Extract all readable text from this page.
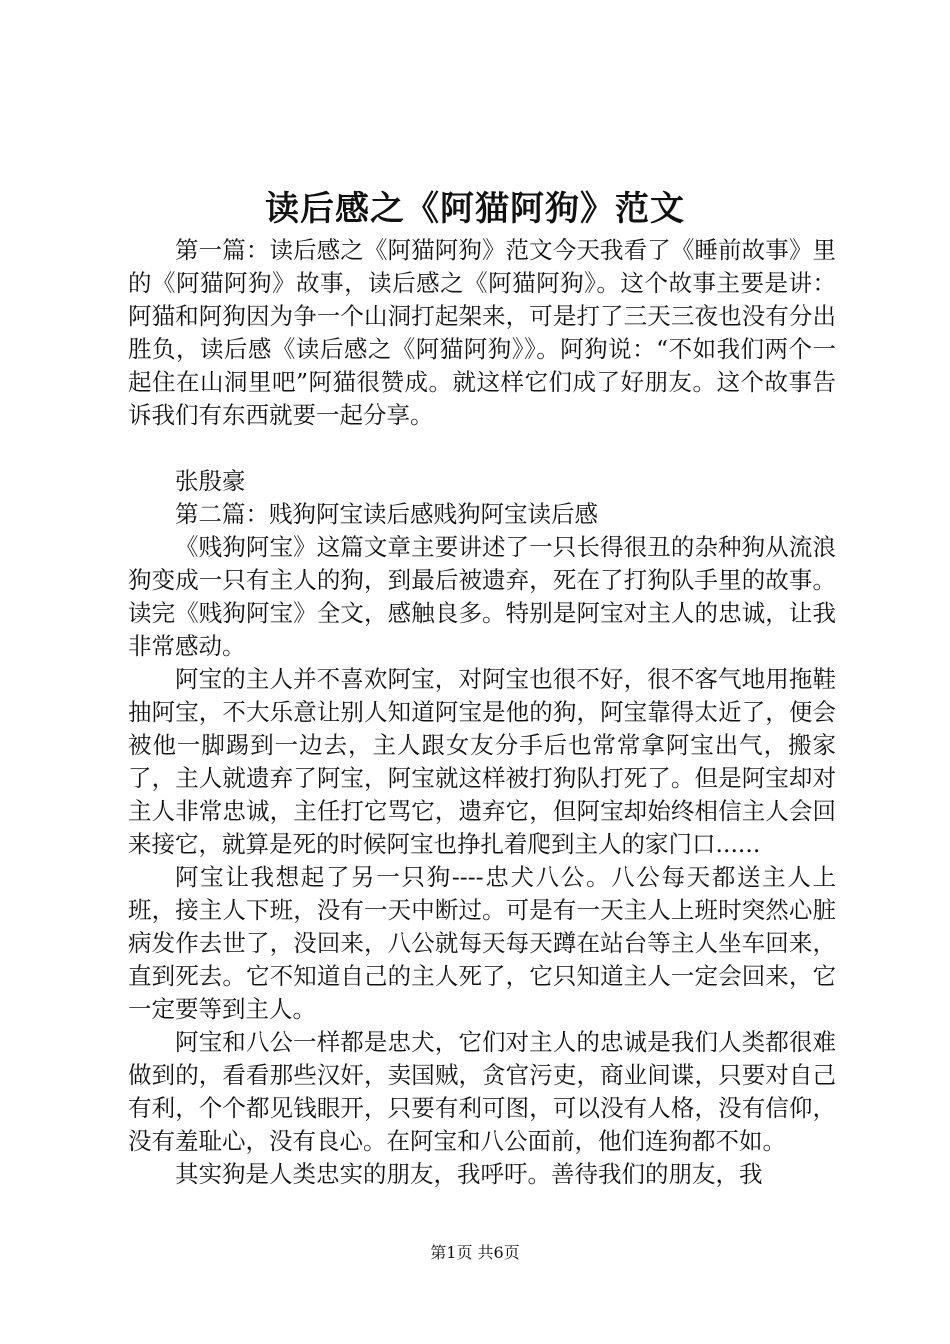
读后感之《阿猫阿狗》范文

第一篇：读后感之《阿猫阿狗》范文今天我看了《睡前故事》里的《阿猫阿狗》故事，读后感之《阿猫阿狗》。这个故事主要是讲：阿猫和阿狗因为争一个山洞打起架来，可是打了三天三夜也没有分出胜负，读后感《读后感之《阿猫阿狗》》。阿狗说：“不如我们两个一起住在山洞里吧”阿猫很赞成。就这样它们成了好朋友。这个故事告诉我们有东西就要一起分享。

张殷豪

第二篇：贱狗阿宝读后感贱狗阿宝读后感

《贱狗阿宝》这篇文章主要讲述了一只长得很丑的杂种狗从流浪狗变成一只有主人的狗，到最后被遗弃，死在了打狗队手里的故事。读完《贱狗阿宝》全文，感触良多。特别是阿宝对主人的忠诚，让我非常感动。

阿宝的主人并不喜欢阿宝，对阿宝也很不好，很不客气地用拖鞋抽阿宝，不大乐意让别人知道阿宝是他的狗，阿宝靠得太近了，便会被他一脚踢到一边去，主人跟女友分手后也常常拿阿宝出气，搬家了，主人就遗弃了阿宝，阿宝就这样被打狗队打死了。但是阿宝却对主人非常忠诚，主任打它骂它，遗弃它，但阿宝却始终相信主人会回来接它，就算是死的时候阿宝也挣扎着爬到主人的家门口......

阿宝让我想起了另一只狗----忠犬八公。八公每天都送主人上班，接主人下班，没有一天中断过。可是有一天主人上班时突然心脏病发作去世了，没回来，八公就每天每天蹲在站台等主人坐车回来，直到死去。它不知道自己的主人死了，它只知道主人一定会回来，它一定要等到主人。

阿宝和八公一样都是忠犬，它们对主人的忠诚是我们人类都很难做到的，看看那些汉奸，卖国贼，贪官污吏，商业间谍，只要对自己有利，个个都见钱眼开，只要有利可图，可以没有人格，没有信仰，没有羞耻心，没有良心。在阿宝和八公面前，他们连狗都不如。

其实狗是人类忠实的朋友，我呼吁。善待我们的朋友，我

第1页 共6页
